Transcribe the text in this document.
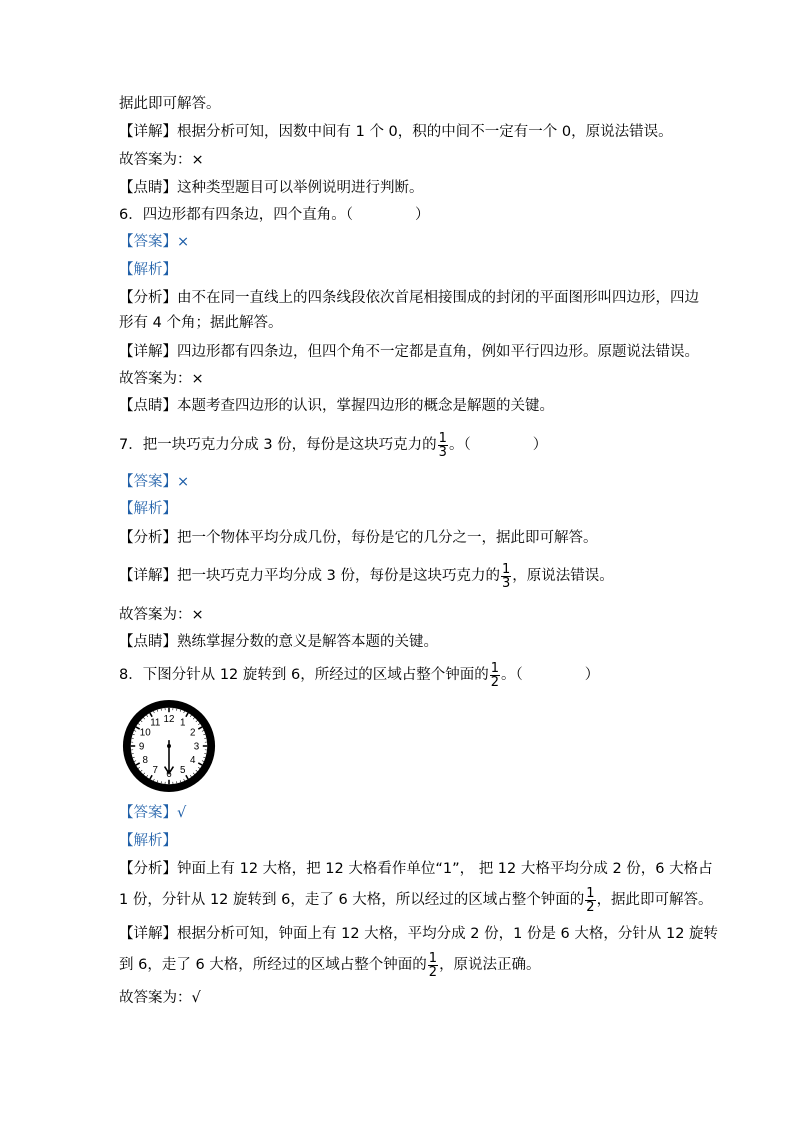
据此即可解答。
【详解】根据分析可知，因数中间有 1 个 0，积的中间不一定有一个 0，原说法错误。
故答案为：×
【点睛】这种类型题目可以举例说明进行判断。
6．四边形都有四条边，四个直角。（	）
【答案】×
【解析】
【分析】由不在同一直线上的四条线段依次首尾相接围成的封闭的平面图形叫四边形，四边
形有 4 个角；据此解答。
【详解】四边形都有四条边，但四个角不一定都是直角，例如平行四边形。原题说法错误。
故答案为：×
【点睛】本题考查四边形的认识，掌握四边形的概念是解题的关键。
7．把一块巧克力分成 3 份，每份是这块巧克力的 $\frac{1}{3}$ 。（	）
【答案】×
【解析】
【分析】把一个物体平均分成几份，每份是它的几分之一，据此即可解答。
【详解】把一块巧克力平均分成 3 份，每份是这块巧克力的 $\frac{1}{3}$ ，原说法错误。
故答案为：×
【点睛】熟练掌握分数的意义是解答本题的关键。
8．下图分针从 12 旋转到 6，所经过的区域占整个钟面的 $\frac{1}{2}$ 。（	）
12 1
2
3
4
5
6
7
8
9
10
11
【答案】√
【解析】
【分析】钟面上有 12 大格，把 12 大格看作单位“1”， 把 12 大格平均分成 2 份，6 大格占
1 份，分针从 12 旋转到 6，走了 6 大格，所以经过的区域占整个钟面的 $\frac{1}{2}$ ，据此即可解答。
【详解】根据分析可知，钟面上有 12 大格，平均分成 2 份，1 份是 6 大格，分针从 12 旋转
到 6，走了 6 大格，所经过的区域占整个钟面的 $\frac{1}{2}$ ，原说法正确。
故答案为：√
